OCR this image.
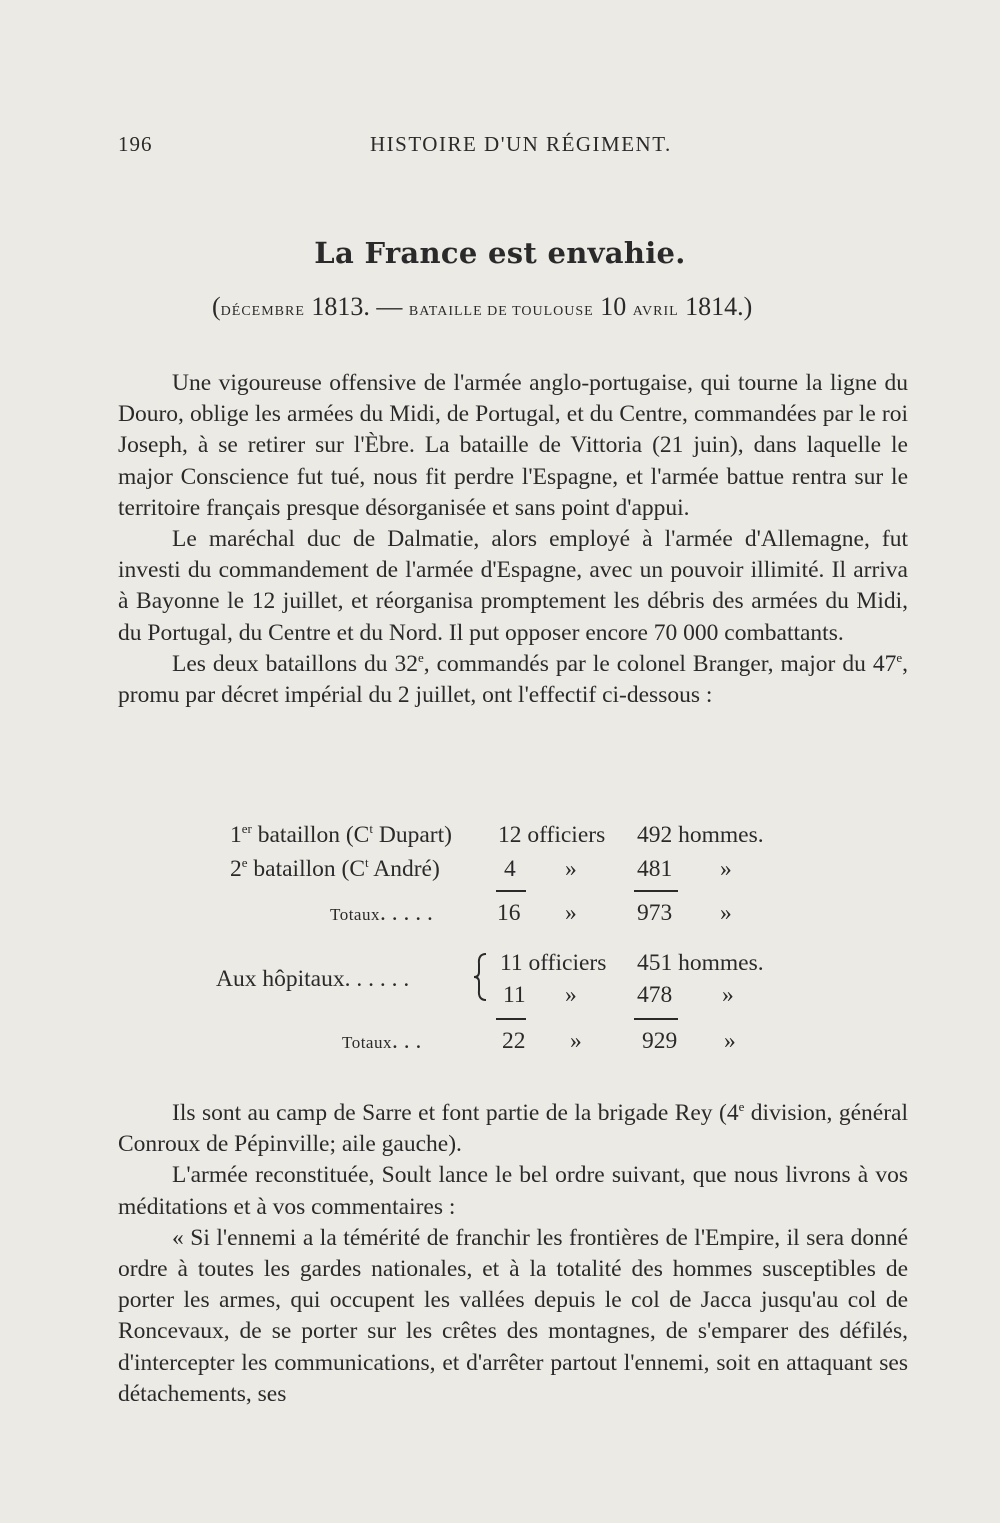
196	HISTOIRE D'UN RÉGIMENT.
La France est envahie.
(DÉCEMBRE 1813. — BATAILLE DE TOULOUSE 10 AVRIL 1814.)

Une vigoureuse offensive de l'armée anglo-portugaise, qui tourne la ligne du Douro, oblige les armées du Midi, de Portugal, et du Centre, commandées par le roi Joseph, à se retirer sur l'Èbre. La bataille de Vittoria (21 juin), dans laquelle le major Conscience fut tué, nous fit perdre l'Espagne, et l'armée battue rentra sur le territoire français presque désorganisée et sans point d'appui.

Le maréchal duc de Dalmatie, alors employé à l'armée d'Allemagne, fut investi du commandement de l'armée d'Espagne, avec un pouvoir illimité. Il arriva à Bayonne le 12 juillet, et réorganisa promptement les débris des armées du Midi, du Portugal, du Centre et du Nord. Il put opposer encore 70 000 combattants.

Les deux bataillons du 32e, commandés par le colonel Branger, major du 47e, promu par décret impérial du 2 juillet, ont l'effectif ci-dessous :

1er bataillon ($C^t$ Dupart) 12 officiers 492 hommes.
2e bataillon ($C^t$ André)	4 »	481 »
Totaux. . . . .	16 »	973 »
Aux hôpitaux. . . . . .
11 officiers 451 hommes.
11 »	478 »
Totaux. . .	22 »	929 »

Ils sont au camp de Sarre et font partie de la brigade Rey (4e division, général Conroux de Pépinville; aile gauche).

L'armée reconstituée, Soult lance le bel ordre suivant, que nous livrons à vos méditations et à vos commentaires :

« Si l'ennemi a la témérité de franchir les frontières de l'Empire, il sera donné ordre à toutes les gardes nationales, et à la totalité des hommes susceptibles de porter les armes, qui occupent les vallées depuis le col de Jacca jusqu'au col de Roncevaux, de se porter sur les crêtes des montagnes, de s'emparer des défilés, d'intercepter les communications, et d'arrêter partout l'ennemi, soit en attaquant ses détachements, ses
